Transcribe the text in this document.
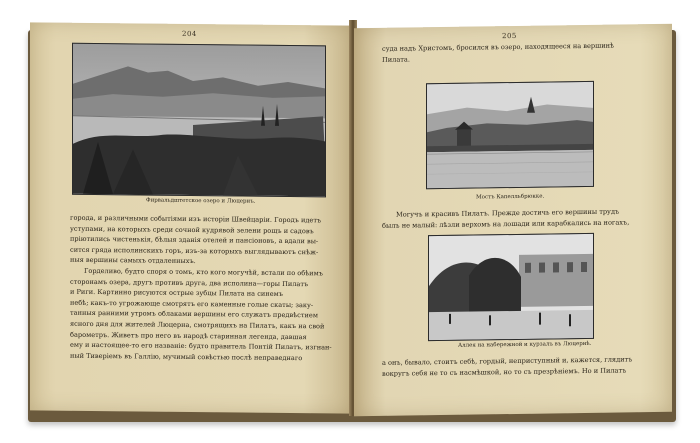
204
Фирвальдштетское озеро и Люцернъ.

города, и различными событіями изъ исторіи Швейцаріи. Городъ идетъ

уступами, на которыхъ среди сочной кудрявой зелени рощъ и садовъ

пріютились чистенькія, бѣлыя зданія отелей и пансіоновъ, а вдали вы-

сится гряда исполинскихъ горъ, изъ-за которыхъ выглядываютъ снѣж-

ныя вершины самыхъ отдаленныхъ.

Горделиво, будто споря о томъ, кто кого могучѣй, встали по обѣимъ

сторонамъ озера, другъ противъ друга, два исполина—горы Пилатъ

и Риги. Картинно рисуются острые зубцы Пилата на синемъ

небѣ; какъ-то угрожающе смотрятъ его каменные голые скаты; заку-

танныя ранними утромъ облаками вершины его служатъ предвѣстием

ясного дня для жителей Люцерна, смотрящихъ на Пилатъ, какъ на свой

барометръ. Живетъ про него въ народѣ старинная легенда, давшая

ему и настоящее-то его названіе: будто правитель Понтій Пилатъ, изгнан-

ный Тиверіемъ въ Галлію, мучимый совѣстью послѣ неправеднаго

205

суда надъ Христомъ, бросился въ озеро, находящееся на вершинѣ

Пилата.

Мостъ Капелльбрюкке.

Могучъ и красивъ Пилатъ. Прежде достичь его вершины трудъ

былъ не малый: лѣзли верхомъ на лошади или карабкались на ногахъ,

Аллея на набережной и курзалъ въ Люцернѣ.

а онъ, бывало, стоитъ себѣ, гордый, неприступный и, кажется, глядитъ

вокругъ себя не то съ насмѣшкой, но то съ презрѣніемъ. Но и Пилатъ
